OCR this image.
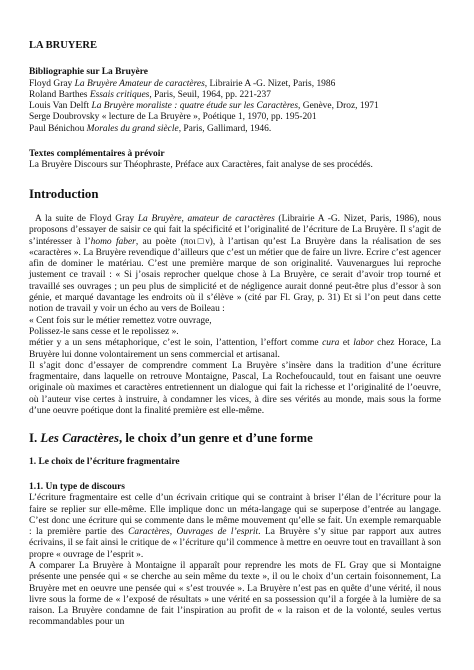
LA BRUYERE
Bibliographie sur La Bruyère
Floyd Gray La Bruyère Amateur de caractères, Librairie A -G. Nizet, Paris, 1986
Roland Barthes Essais critiques, Paris, Seuil, 1964, pp. 221-237
Louis Van Delft La Bruyère moraliste : quatre étude sur les Caractères, Genève, Droz, 1971
Serge Doubrovsky « lecture de La Bruyère », Poétique 1, 1970, pp. 195-201
Paul Bénichou Morales du grand siècle, Paris, Gallimard, 1946.
Textes complémentaires à prévoir
La Bruyère Discours sur Théophraste, Préface aux Caractères, fait analyse de ses procédés.
Introduction

A la suite de Floyd Gray La Bruyère, amateur de caractères (Librairie A -G. Nizet, Paris, 1986), nous proposons d’essayer de saisir ce qui fait la spécificité et l’originalité de l’écriture de La Bruyère. Il s’agit de s’intéresser à l’homo faber, au poète (ποι□ν), à l’artisan qu’est La Bruyère dans la réalisation de ses «caractères ». La Bruyère revendique d’ailleurs que c’est un métier que de faire un livre. Ecrire c’est agencer afin de dominer le matériau. C’est une première marque de son originalité. Vauvenargues lui reproche justement ce travail : « Si j’osais reprocher quelque chose à La Bruyère, ce serait d’avoir trop tourné et travaillé ses ouvrages ; un peu plus de simplicité et de négligence aurait donné peut-être plus d’essor à son génie, et marqué davantage les endroits où il s’élève » (cité par Fl. Gray, p. 31) Et si l’on peut dans cette notion de travail y voir un écho au vers de Boileau :

« Cent fois sur le métier remettez votre ouvrage,
Polissez-le sans cesse et le repolissez ».

métier y a un sens métaphorique, c’est le soin, l’attention, l’effort comme cura et labor chez Horace, La Bruyère lui donne volontairement un sens commercial et artisanal.

Il s’agit donc d’essayer de comprendre comment La Bruyère s’insère dans la tradition d’une écriture fragmentaire, dans laquelle on retrouve Montaigne, Pascal, La Rochefoucauld, tout en faisant une oeuvre originale où maximes et caractères entretiennent un dialogue qui fait la richesse et l’originalité de l’oeuvre, où l’auteur vise certes à instruire, à condamner les vices, à dire ses vérités au monde, mais sous la forme d’une oeuvre poétique dont la finalité première est elle-même.

I. Les Caractères, le choix d’un genre et d’une forme
1. Le choix de l’écriture fragmentaire
1.1. Un type de discours

L’écriture fragmentaire est celle d’un écrivain critique qui se contraint à briser l’élan de l’écriture pour la faire se replier sur elle-même. Elle implique donc un méta-langage qui se superpose d’entrée au langage. C’est donc une écriture qui se commente dans le même mouvement qu’elle se fait. Un exemple remarquable : la première partie des Caractères, Ouvrages de l’esprit. La Bruyère s’y situe par rapport aux autres écrivains, il se fait ainsi le critique de « l’écriture qu’il commence à mettre en oeuvre tout en travaillant à son propre « ouvrage de l’esprit ».

A comparer La Bruyère à Montaigne il apparaît pour reprendre les mots de FL Gray que si Montaigne présente une pensée qui « se cherche au sein même du texte », il ou le choix d’un certain foisonnement, La Bruyère met en oeuvre une pensée qui « s’est trouvée ». La Bruyère n’est pas en quête d’une vérité, il nous livre sous la forme de « l’exposé de résultats » une vérité en sa possession qu’il a forgée à la lumière de sa raison. La Bruyère condamne de fait l’inspiration au profit de « la raison et de la volonté, seules vertus recommandables pour un
